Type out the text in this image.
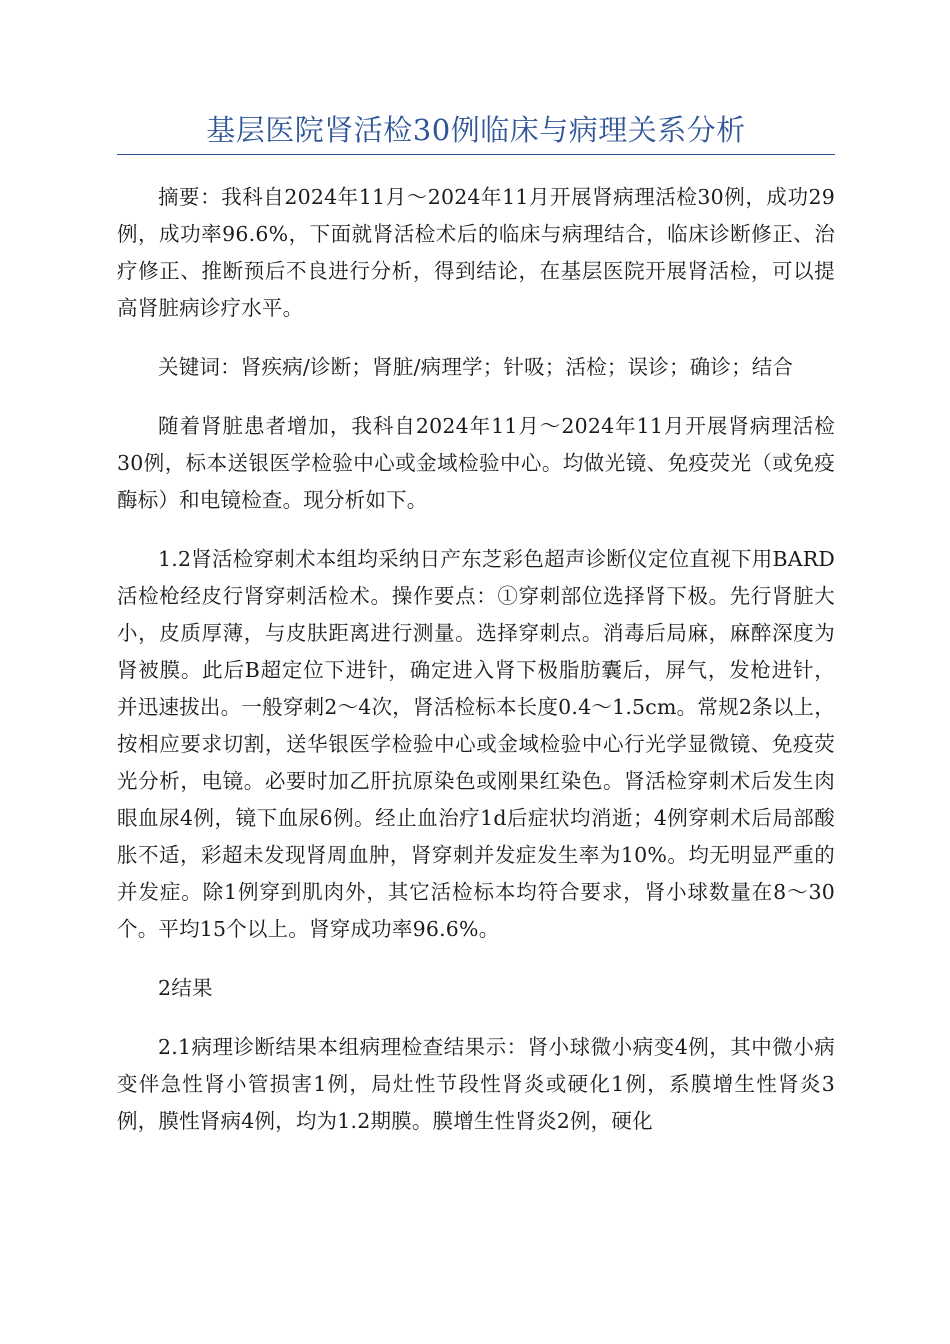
基层医院肾活检30例临床与病理关系分析

摘要：我科自2024年11月～2024年11月开展肾病理活检30例，成功29例，成功率96.6%，下面就肾活检术后的临床与病理结合，临床诊断修正、治疗修正、推断预后不良进行分析，得到结论，在基层医院开展肾活检，可以提高肾脏病诊疗水平。

关键词：肾疾病/诊断；肾脏/病理学；针吸；活检；误诊；确诊；结合

随着肾脏患者增加，我科自2024年11月～2024年11月开展肾病理活检30例，标本送银医学检验中心或金域检验中心。均做光镜、免疫荧光（或免疫酶标）和电镜检查。现分析如下。

1.2肾活检穿刺术本组均采纳日产东芝彩色超声诊断仪定位直视下用BARD活检枪经皮行肾穿刺活检术。操作要点：①穿刺部位选择肾下极。先行肾脏大小，皮质厚薄，与皮肤距离进行测量。选择穿刺点。消毒后局麻，麻醉深度为肾被膜。此后B超定位下进针，确定进入肾下极脂肪囊后，屏气，发枪进针，并迅速拔出。一般穿刺2～4次，肾活检标本长度0.4～1.5cm。常规2条以上，按相应要求切割，送华银医学检验中心或金域检验中心行光学显微镜、免疫荧光分析，电镜。必要时加乙肝抗原染色或刚果红染色。肾活检穿刺术后发生肉眼血尿4例，镜下血尿6例。经止血治疗1d后症状均消逝；4例穿刺术后局部酸胀不适，彩超未发现肾周血肿，肾穿刺并发症发生率为10%。均无明显严重的并发症。除1例穿到肌肉外，其它活检标本均符合要求，肾小球数量在8～30个。平均15个以上。肾穿成功率96.6%。

2结果

2.1病理诊断结果本组病理检查结果示：肾小球微小病变4例，其中微小病变伴急性肾小管损害1例，局灶性节段性肾炎或硬化1例，系膜增生性肾炎3例，膜性肾病4例，均为1.2期膜。膜增生性肾炎2例，硬化
